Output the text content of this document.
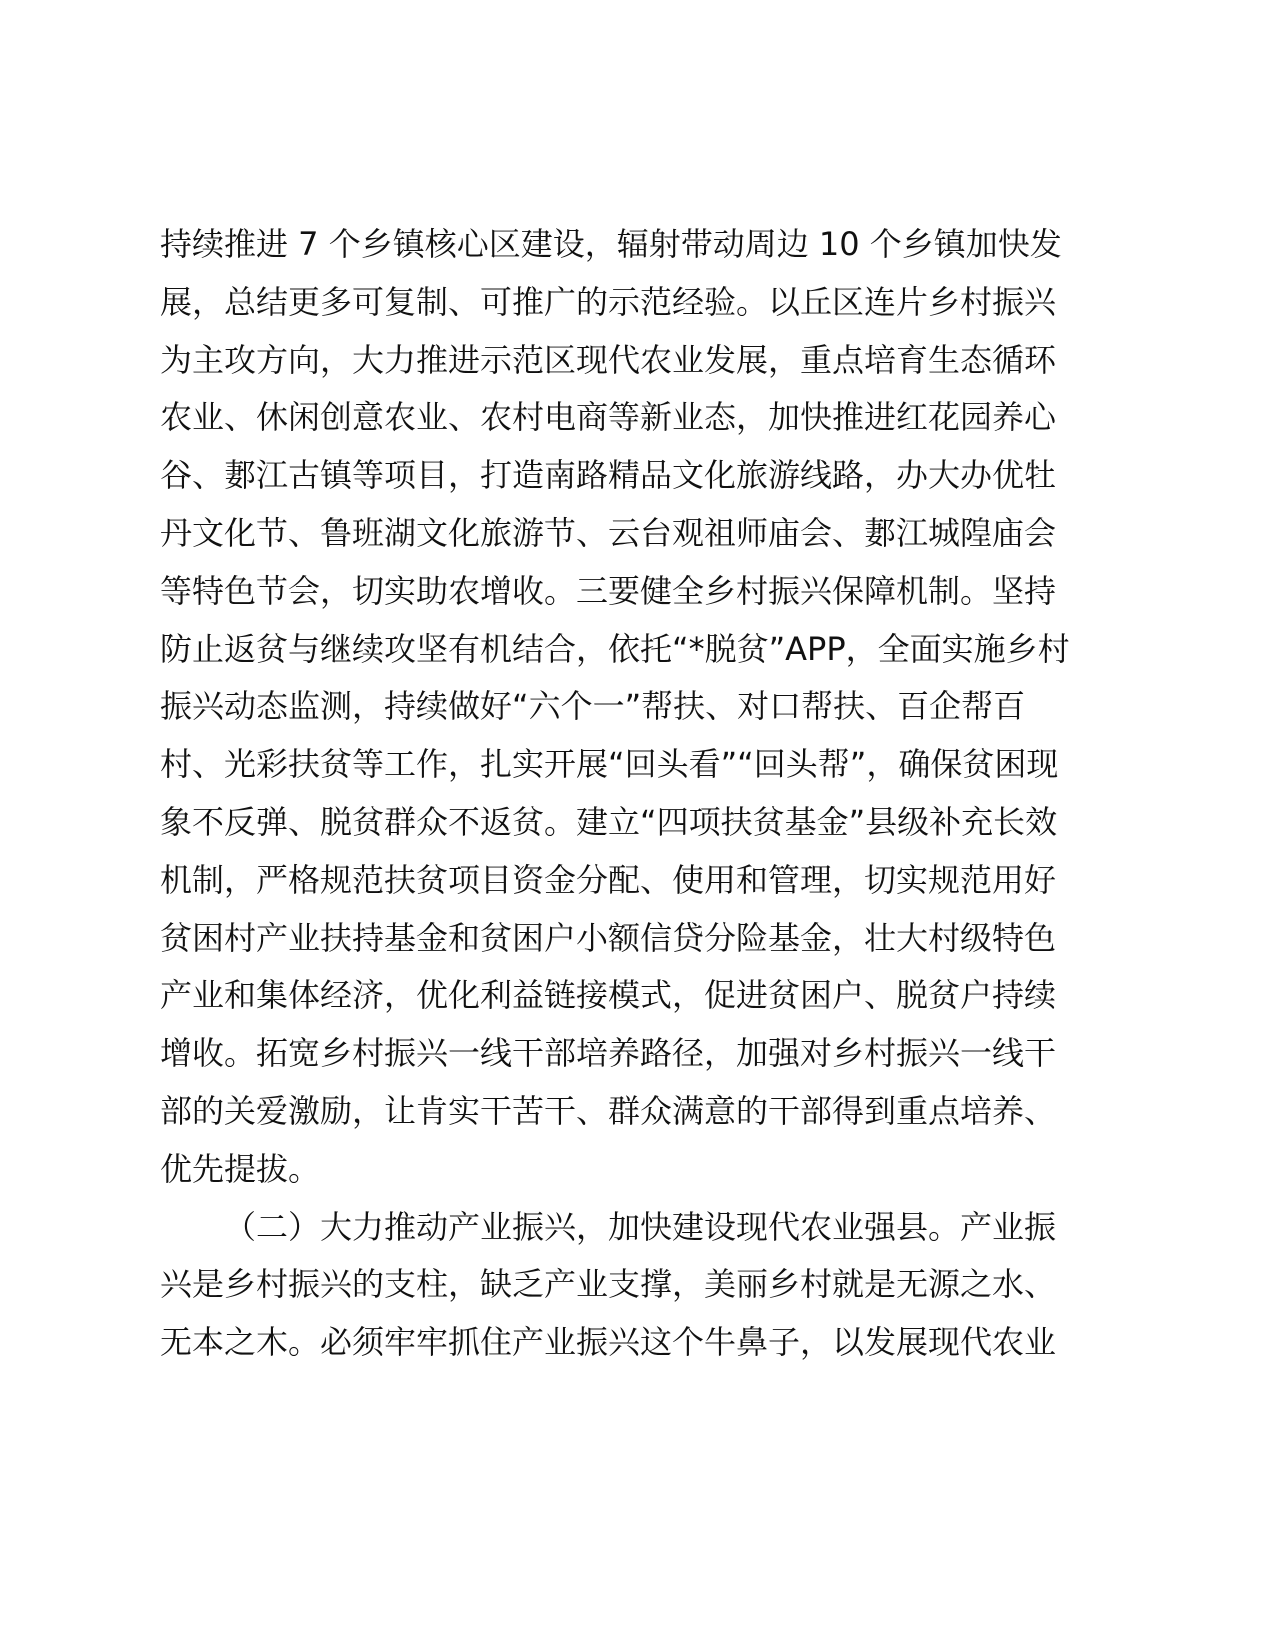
持续推进 7 个乡镇核心区建设，辐射带动周边 10 个乡镇加快发
展，总结更多可复制、可推广的示范经验。以丘区连片乡村振兴
为主攻方向，大力推进示范区现代农业发展，重点培育生态循环
农业、休闲创意农业、农村电商等新业态，加快推进红花园养心
谷、郪江古镇等项目，打造南路精品文化旅游线路，办大办优牡
丹文化节、鲁班湖文化旅游节、云台观祖师庙会、郪江城隍庙会
等特色节会，切实助农增收。三要健全乡村振兴保障机制。坚持
防止返贫与继续攻坚有机结合，依托“*脱贫”APP，全面实施乡村
振兴动态监测，持续做好“六个一”帮扶、对口帮扶、百企帮百
村、光彩扶贫等工作，扎实开展“回头看”“回头帮”，确保贫困现
象不反弹、脱贫群众不返贫。建立“四项扶贫基金”县级补充长效
机制，严格规范扶贫项目资金分配、使用和管理，切实规范用好
贫困村产业扶持基金和贫困户小额信贷分险基金，壮大村级特色
产业和集体经济，优化利益链接模式，促进贫困户、脱贫户持续
增收。拓宽乡村振兴一线干部培养路径，加强对乡村振兴一线干
部的关爱激励，让肯实干苦干、群众满意的干部得到重点培养、
优先提拔。
（二）大力推动产业振兴，加快建设现代农业强县。产业振
兴是乡村振兴的支柱，缺乏产业支撑，美丽乡村就是无源之水、
无本之木。必须牢牢抓住产业振兴这个牛鼻子，以发展现代农业
